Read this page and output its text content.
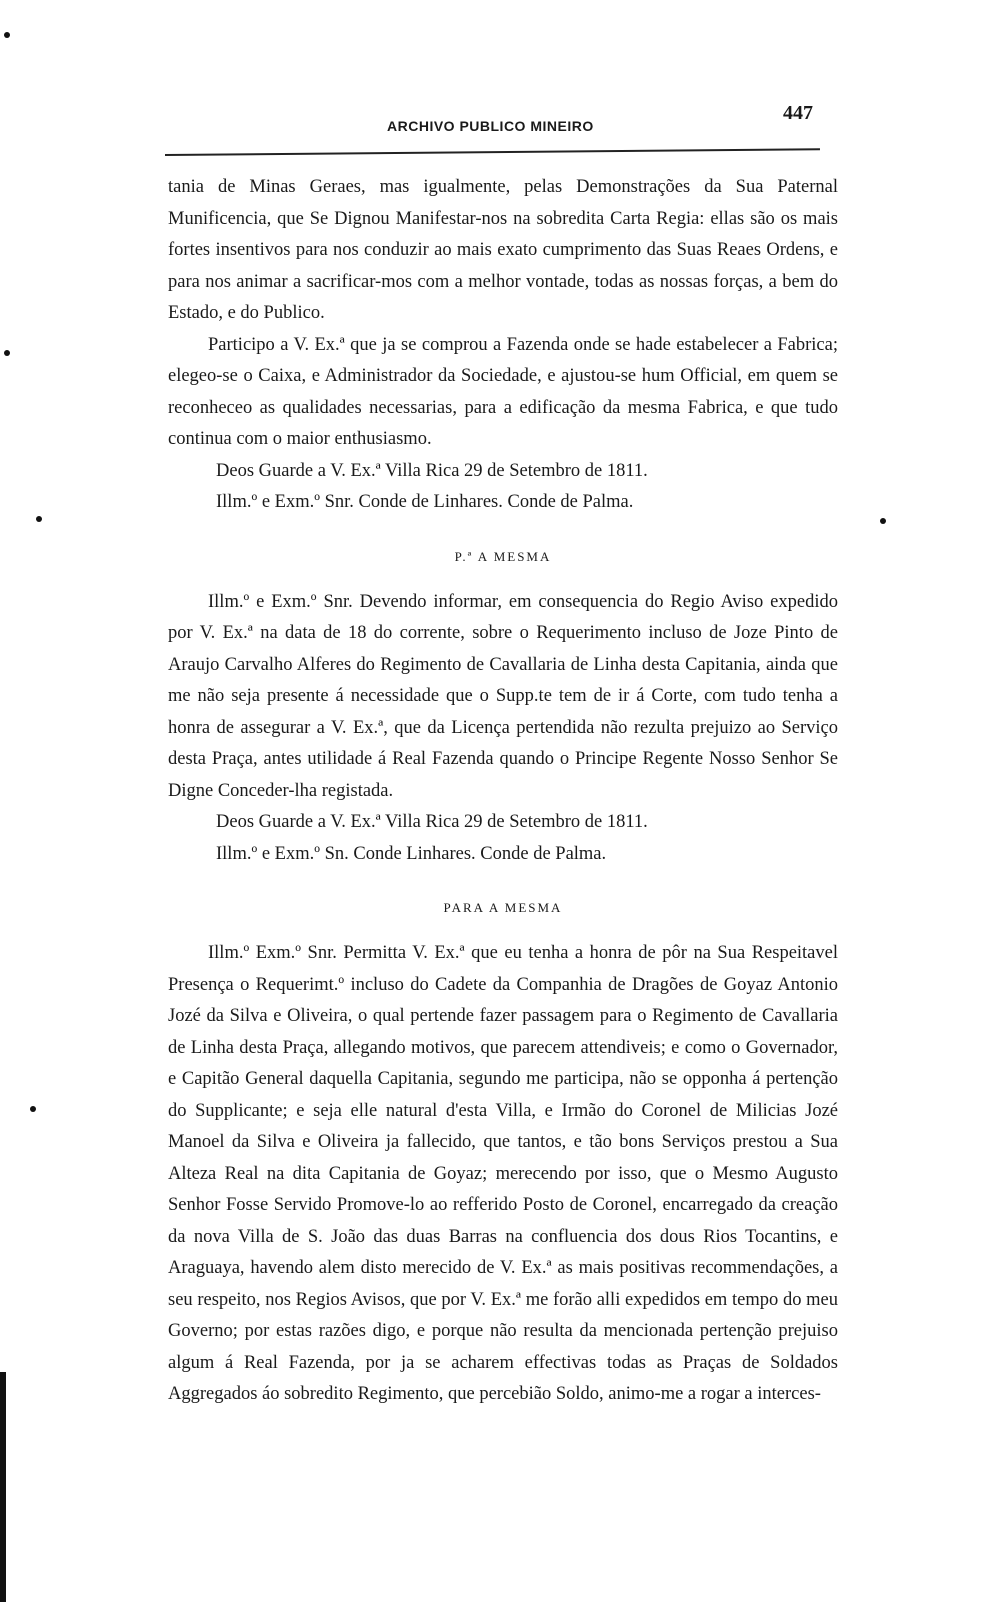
ARCHIVO PUBLICO MINEIRO
447

tania de Minas Geraes, mas igualmente, pelas Demonstrações da Sua Paternal Munificencia, que Se Dignou Manifestar-nos na sobredita Carta Regia: ellas são os mais fortes insentivos para nos conduzir ao mais exato cumprimento das Suas Reaes Ordens, e para nos animar a sacrificar-mos com a melhor vontade, todas as nossas forças, a bem do Estado, e do Publico.

Participo a V. Ex.ª que ja se comprou a Fazenda onde se hade estabelecer a Fabrica; elegeo-se o Caixa, e Administrador da Sociedade, e ajustou-se hum Official, em quem se reconheceo as qualidades necessarias, para a edificação da mesma Fabrica, e que tudo continua com o maior enthusiasmo.

Deos Guarde a V. Ex.ª Villa Rica 29 de Setembro de 1811.

Illm.º e Exm.º Snr. Conde de Linhares. Conde de Palma.

P.ª A MESMA

Illm.º e Exm.º Snr. Devendo informar, em consequencia do Regio Aviso expedido por V. Ex.ª na data de 18 do corrente, sobre o Requerimento incluso de Joze Pinto de Araujo Carvalho Alferes do Regimento de Cavallaria de Linha desta Capitania, ainda que me não seja presente á necessidade que o Supp.te tem de ir á Corte, com tudo tenha a honra de assegurar a V. Ex.ª, que da Licença pertendida não rezulta prejuizo ao Serviço desta Praça, antes utilidade á Real Fazenda quando o Principe Regente Nosso Senhor Se Digne Conceder-lha registada.

Deos Guarde a V. Ex.ª Villa Rica 29 de Setembro de 1811.

Illm.º e Exm.º Sn. Conde Linhares. Conde de Palma.

PARA A MESMA

Illm.º Exm.º Snr. Permitta V. Ex.ª que eu tenha a honra de pôr na Sua Respeitavel Presença o Requerimt.º incluso do Cadete da Companhia de Dragões de Goyaz Antonio Jozé da Silva e Oliveira, o qual pertende fazer passagem para o Regimento de Cavallaria de Linha desta Praça, allegando motivos, que parecem attendiveis; e como o Governador, e Capitão General daquella Capitania, segundo me participa, não se opponha á pertenção do Supplicante; e seja elle natural d'esta Villa, e Irmão do Coronel de Milicias Jozé Manoel da Silva e Oliveira ja fallecido, que tantos, e tão bons Serviços prestou a Sua Alteza Real na dita Capitania de Goyaz; merecendo por isso, que o Mesmo Augusto Senhor Fosse Servido Promove-lo ao refferido Posto de Coronel, encarregado da creação da nova Villa de S. João das duas Barras na confluencia dos dous Rios Tocantins, e Araguaya, havendo alem disto merecido de V. Ex.ª as mais positivas recommendações, a seu respeito, nos Regios Avisos, que por V. Ex.ª me forão alli expedidos em tempo do meu Governo; por estas razões digo, e porque não resulta da mencionada pertenção prejuiso algum á Real Fazenda, por ja se acharem effectivas todas as Praças de Soldados Aggregados áo sobredito Regimento, que percebião Soldo, animo-me a rogar a interces-
